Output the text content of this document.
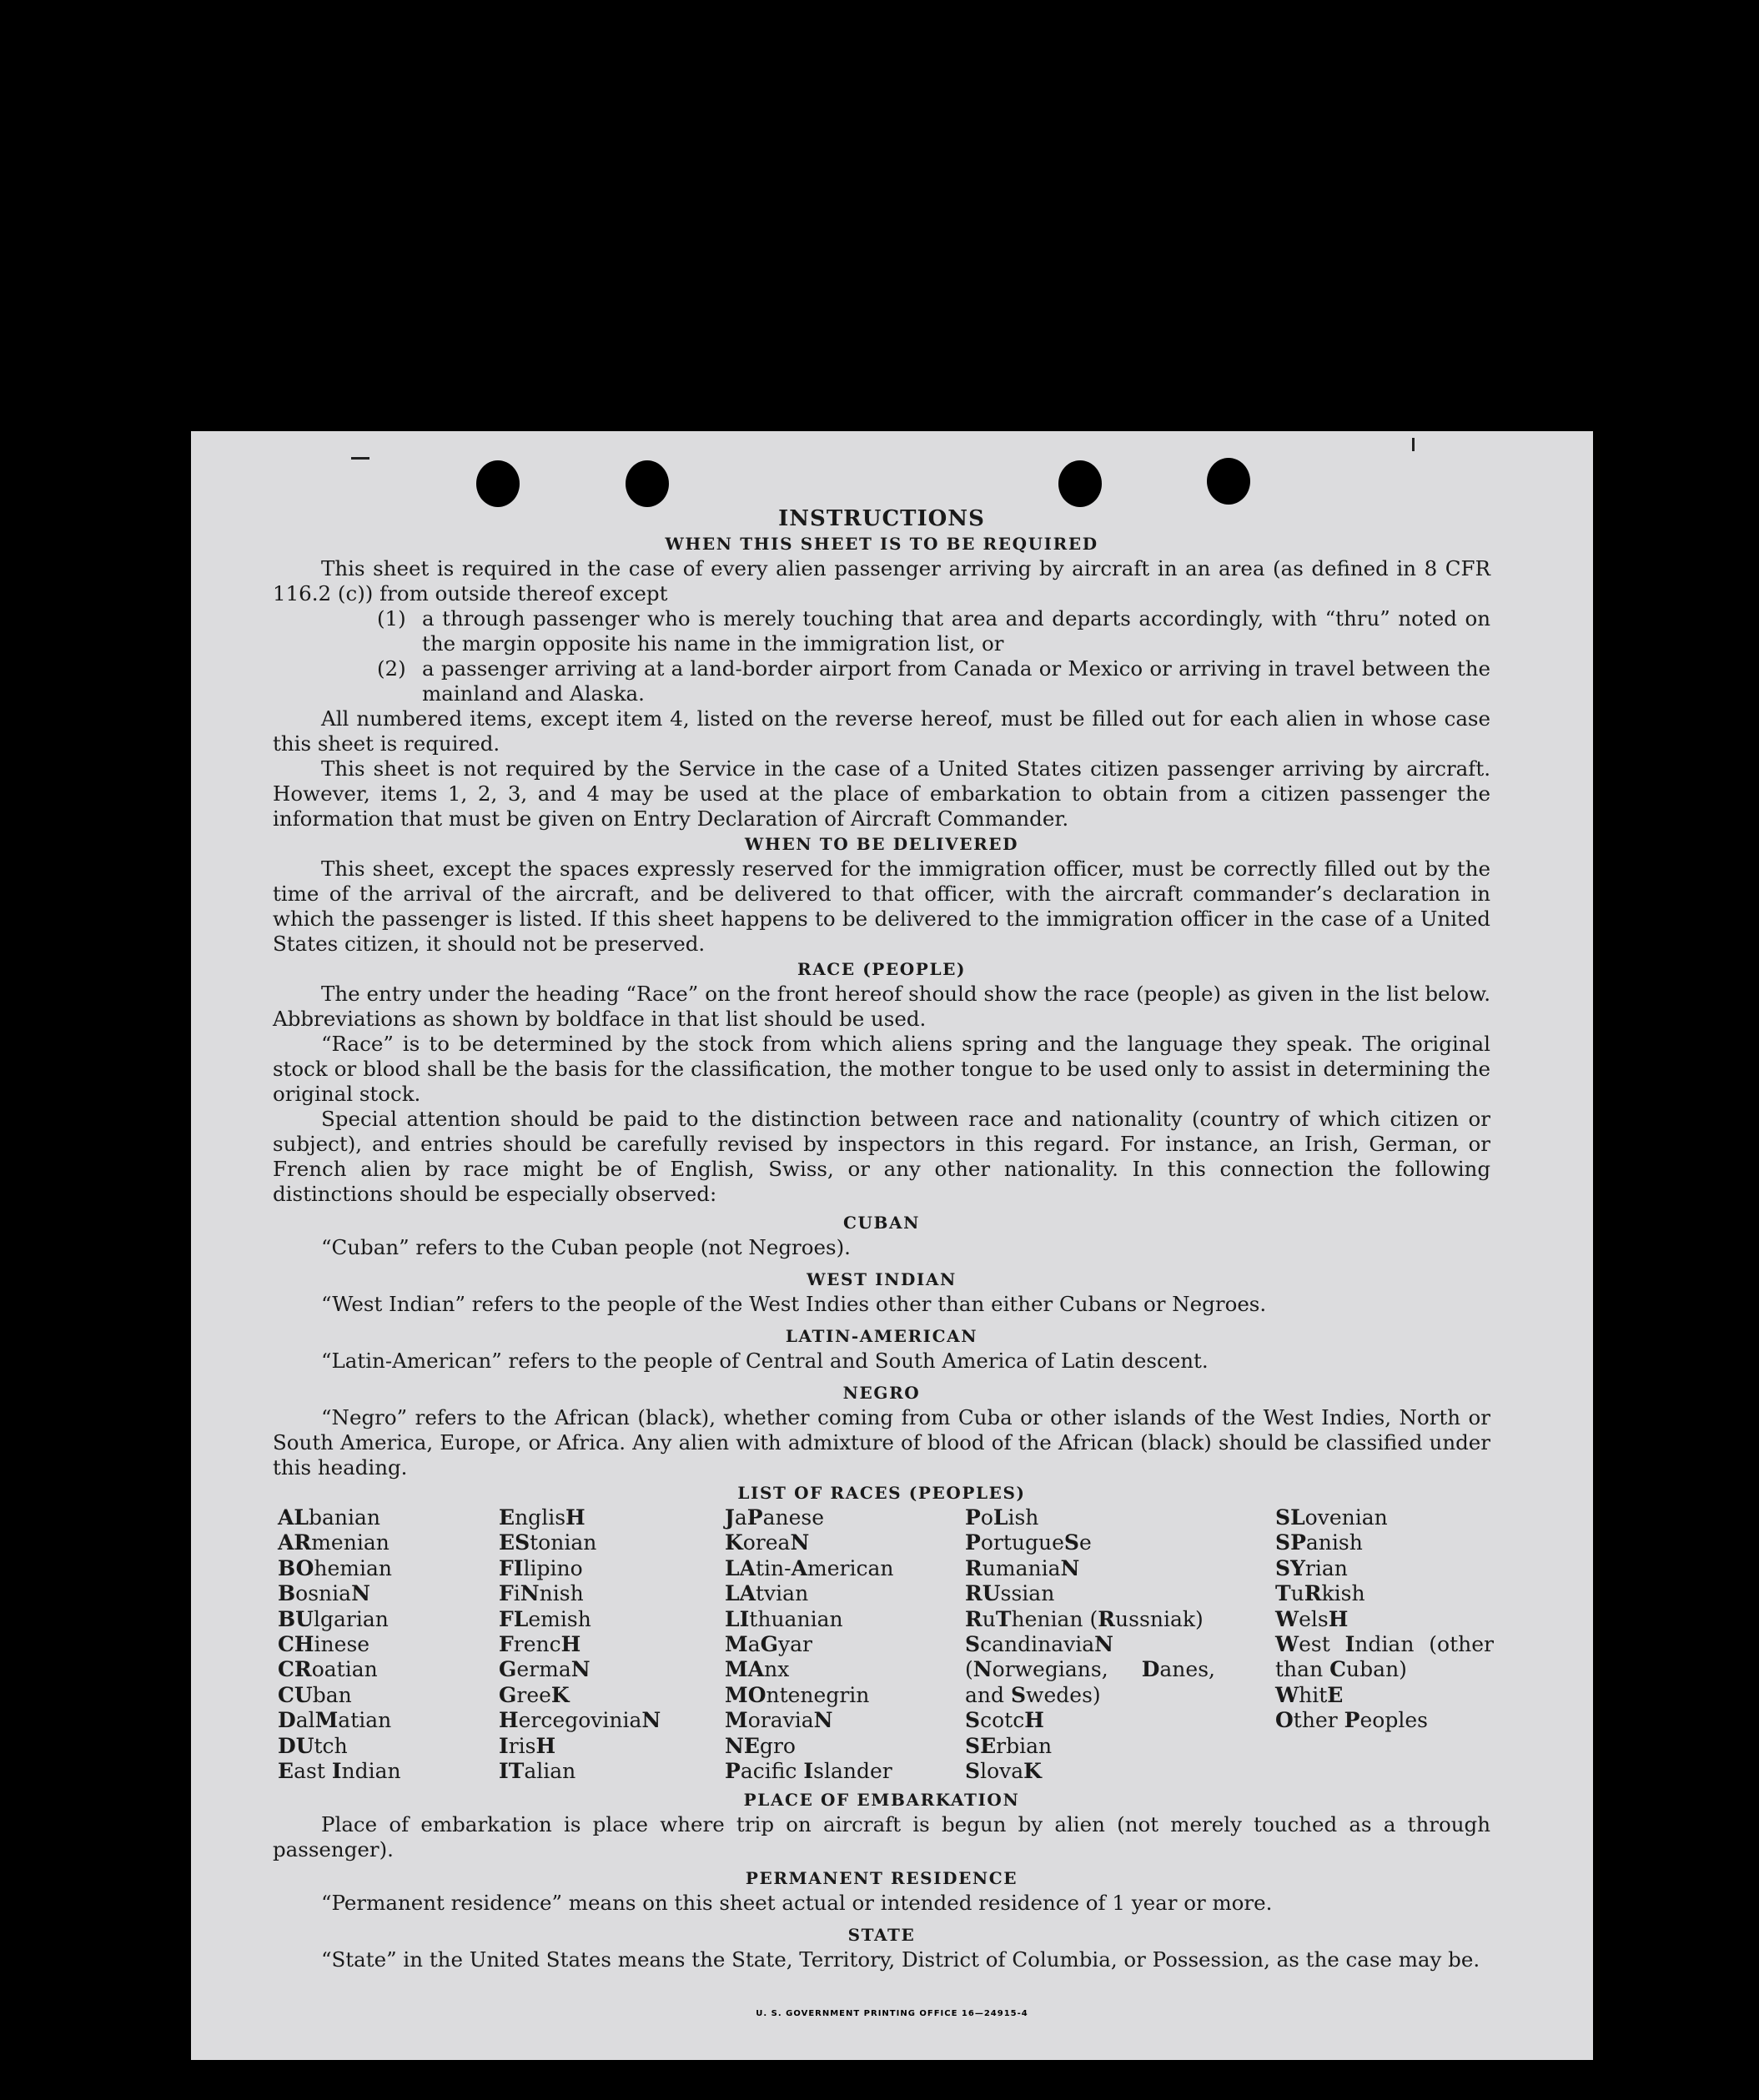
INSTRUCTIONS
WHEN THIS SHEET IS TO BE REQUIRED

This sheet is required in the case of every alien passenger arriving by aircraft in an area (as defined in 8 CFR 116.2 (c)) from outside thereof except

(1) a through passenger who is merely touching that area and departs accordingly, with “thru” noted on the margin opposite his name in the immigration list, or
(2) a passenger arriving at a land-border airport from Canada or Mexico or arriving in travel between the mainland and Alaska.

All numbered items, except item 4, listed on the reverse hereof, must be filled out for each alien in whose case this sheet is required.

This sheet is not required by the Service in the case of a United States citizen passenger arriving by aircraft. However, items 1, 2, 3, and 4 may be used at the place of embarkation to obtain from a citizen passenger the information that must be given on Entry Declaration of Aircraft Commander.

WHEN TO BE DELIVERED

This sheet, except the spaces expressly reserved for the immigration officer, must be correctly filled out by the time of the arrival of the aircraft, and be delivered to that officer, with the aircraft commander’s declaration in which the passenger is listed. If this sheet happens to be delivered to the immigration officer in the case of a United States citizen, it should not be preserved.

RACE (PEOPLE)

The entry under the heading “Race” on the front hereof should show the race (people) as given in the list below. Abbreviations as shown by boldface in that list should be used.

“Race” is to be determined by the stock from which aliens spring and the language they speak. The original stock or blood shall be the basis for the classification, the mother tongue to be used only to assist in determining the original stock.

Special attention should be paid to the distinction between race and nationality (country of which citizen or subject), and entries should be carefully revised by inspectors in this regard. For instance, an Irish, German, or French alien by race might be of English, Swiss, or any other nationality. In this connection the following distinctions should be especially observed:

CUBAN

“Cuban” refers to the Cuban people (not Negroes).

WEST INDIAN

“West Indian” refers to the people of the West Indies other than either Cubans or Negroes.

LATIN-AMERICAN

“Latin-American” refers to the people of Central and South America of Latin descent.

NEGRO

“Negro” refers to the African (black), whether coming from Cuba or other islands of the West Indies, North or South America, Europe, or Africa. Any alien with admixture of blood of the African (black) should be classified under this heading.

LIST OF RACES (PEOPLES)
ALbanian
ARmenian
BOhemian
BosniaN
BUlgarian
CHinese
CRoatian
CUban
DalMatian
DUtch
East Indian
EnglisH
EStonian
FIlipino
FiNnish
FLemish
FrencH
GermaN
GreeK
HercegoviniaN
IrisH
ITalian
JaPanese
KoreaN
LAtin-American
LAtvian
LIthuanian
MaGyar
MAnx
MOntenegrin
MoraviaN
NEgro
Pacifc Islander
PoLish
PortugueSe
RumaniaN
RUssian
RuThenian (Russniak)
ScandinaviaN (Norwegians, Danes, and Swedes)
ScotcH
SErbian
SlovaK
SLovenian
SPanish
SYrian
TuRkish
WelsH
West Indian (other than Cuban)
WhitE
Other Peoples
PLACE OF EMBARKATION

Place of embarkation is place where trip on aircraft is begun by alien (not merely touched as a through passenger).

PERMANENT RESIDENCE

“Permanent residence” means on this sheet actual or intended residence of 1 year or more.

STATE

“State” in the United States means the State, Territory, District of Columbia, or Possession, as the case may be.

U. S. GOVERNMENT PRINTING OFFICE 16—24915-4
